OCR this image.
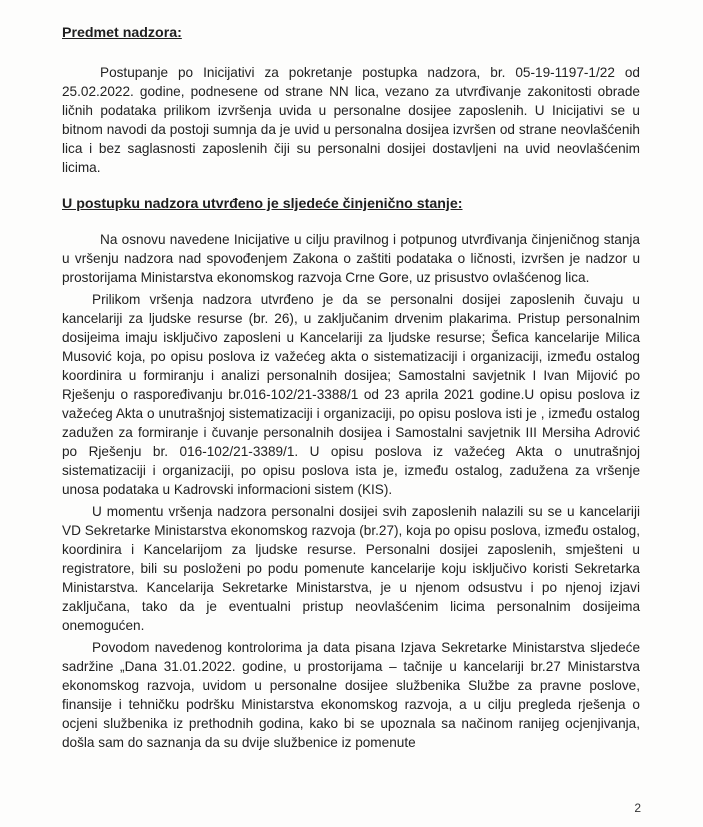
Predmet nadzora:

Postupanje po Inicijativi za pokretanje postupka nadzora, br. 05-19-1197-1/22 od 25.02.2022. godine, podnesene od strane NN lica, vezano za utvrđivanje zakonitosti obrade ličnih podataka prilikom izvršenja uvida u personalne dosijee zaposlenih. U Inicijativi se u bitnom navodi da postoji sumnja da je uvid u personalna dosijea izvršen od strane neovlašćenih lica i bez saglasnosti zaposlenih čiji su personalni dosijei dostavljeni na uvid neovlašćenim licima.

U postupku nadzora utvrđeno je sljedeće činjenično stanje:

Na osnovu navedene Inicijative u cilju pravilnog i potpunog utvrđivanja činjeničnog stanja u vršenju nadzora nad spovođenjem Zakona o zaštiti podataka o ličnosti, izvršen je nadzor u prostorijama Ministarstva ekonomskog razvoja Crne Gore, uz prisustvo ovlašćenog lica.

Prilikom vršenja nadzora utvrđeno je da se personalni dosijei zaposlenih čuvaju u kancelariji za ljudske resurse (br. 26), u zaključanim drvenim plakarima. Pristup personalnim dosijeima imaju isključivo zaposleni u Kancelariji za ljudske resurse; Šefica kancelarije Milica Musović koja, po opisu poslova iz važećeg akta o sistematizaciji i organizaciji, između ostalog koordinira u formiranju i analizi personalnih dosijea; Samostalni savjetnik I Ivan Mijović po Rješenju o raspoređivanju br.016-102/21-3388/1 od 23 aprila 2021 godine.U opisu poslova iz važećeg Akta o unutrašnjoj sistematizaciji i organizaciji, po opisu poslova isti je , između ostalog zadužen za formiranje i čuvanje personalnih dosijea i Samostalni savjetnik III Mersiha Adrović po Rješenju br. 016-102/21-3389/1. U opisu poslova iz važećeg Akta o unutrašnjoj sistematizaciji i organizaciji, po opisu poslova ista je, između ostalog, zadužena za vršenje unosa podataka u Kadrovski informacioni sistem (KIS).

U momentu vršenja nadzora personalni dosijei svih zaposlenih nalazili su se u kancelariji VD Sekretarke Ministarstva ekonomskog razvoja (br.27), koja po opisu poslova, između ostalog, koordinira i Kancelarijom za ljudske resurse. Personalni dosijei zaposlenih, smješteni u registratore, bili su posloženi po podu pomenute kancelarije koju isključivo koristi Sekretarka Ministarstva. Kancelarija Sekretarke Ministarstva, je u njenom odsustvu i po njenoj izjavi zaključana, tako da je eventualni pristup neovlašćenim licima personalnim dosijeima onemogućen.

Povodom navedenog kontrolorima ja data pisana Izjava Sekretarke Ministarstva sljedeće sadržine „Dana 31.01.2022. godine, u prostorijama – tačnije u kancelariji br.27 Ministarstva ekonomskog razvoja, uvidom u personalne dosijee službenika Službe za pravne poslove, finansije i tehničku podršku Ministarstva ekonomskog razvoja, a u cilju pregleda rješenja o ocjeni službenika iz prethodnih godina, kako bi se upoznala sa načinom ranijeg ocjenjivanja, došla sam do saznanja da su dvije službenice iz pomenute

2
